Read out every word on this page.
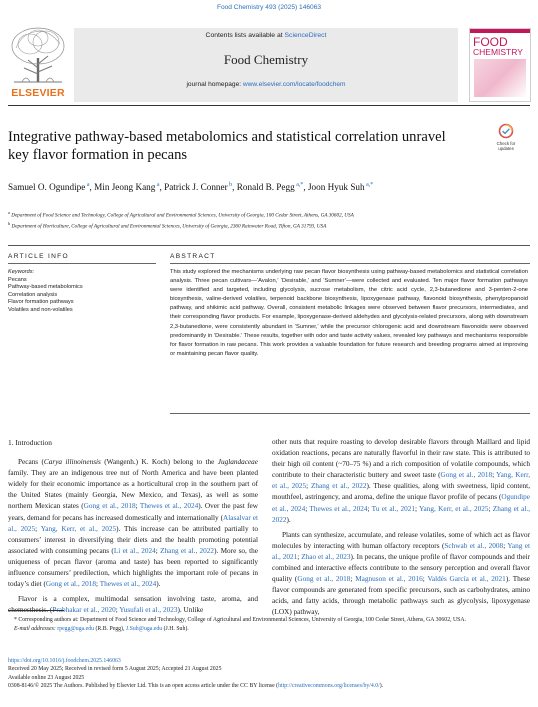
Food Chemistry 493 (2025) 146063
ELSEVIER
Contents lists available at ScienceDirect
Food Chemistry
journal homepage: www.elsevier.com/locate/foodchem
FOOD
CHEMISTRY
Integrative pathway-based metabolomics and statistical correlation unravel key flavor formation in pecans
Check for
updates
Samuel O. Ogundipe $^a$, Min Jeong Kang $^a$, Patrick J. Conner $^b$, Ronald B. Pegg $^{a,*}$, Joon Hyuk Suh $^{a,*}$
$^a$ Department of Food Science and Technology, College of Agricultural and Environmental Sciences, University of Georgia, 100 Cedar Street, Athens, GA 30602, USA
$^b$ Department of Horticulture, College of Agricultural and Environmental Sciences, University of Georgia, 2360 Rainwater Road, Tifton, GA 31793, USA
ARTICLE INFO	ABSTRACT
Keywords:
Pecans
Pathway-based metabolomics
Correlation analysis
Flavor formation pathways
Volatiles and non-volatiles
This study explored the mechanisms underlying raw pecan flavor biosynthesis using pathway-based metabolomics and statistical correlation analysis. Three pecan cultivars—‘Avalon,’ ‘Desirable,’ and ‘Sumner’—were collected and evaluated. Ten major flavor formation pathways were identified and targeted, including glycolysis, sucrose metabolism, the citric acid cycle, 2,3-butanedione and 3-penten-2-one biosynthesis, valine-derived volatiles, terpenoid backbone biosynthesis, lipoxygenase pathway, flavonoid biosynthesis, phenylpropanoid pathway, and shikimic acid pathway. Overall, consistent metabolic linkages were observed between flavor precursors, intermediates, and their corresponding flavor products. For example, lipoxygenase-derived aldehydes and glycolysis-related precursors, along with downstream 2,3-butanedione, were consistently abundant in ‘Sumner,’ while the precursor chlorogenic acid and downstream flavonoids were observed predominantly in ‘Desirable.’ These results, together with odor and taste activity values, revealed key pathways and mechanisms responsible for flavor formation in raw pecans. This work provides a valuable foundation for future research and breeding programs aimed at improving or maintaining pecan flavor quality.
1. Introduction

Pecans (Carya illinoinensis (Wangenh.) K. Koch) belong to the Juglandaceae family. They are an indigenous tree nut of North America and have been planted widely for their economic importance as a horticultural crop in the southern part of the United States (mainly Georgia, New Mexico, and Texas), as well as some northern Mexican states (Gong et al., 2018; Thewes et al., 2024). Over the past few years, demand for pecans has increased domestically and internationally (Alasalvar et al., 2025; Yang, Kerr, et al., 2025). This increase can be attributed partially to consumers’ interest in diversifying their diets and the health promoting potential associated with consuming pecans (Li et al., 2024; Zhang et al., 2022). More so, the uniqueness of pecan flavor (aroma and taste) has been reported to significantly influence consumers’ predilection, which highlights the important role of pecans in today’s diet (Gong et al., 2018; Thewes et al., 2024).

Flavor is a complex, multimodal sensation involving taste, aroma, and chemesthesis. (Prabhakar et al., 2020; Yusufali et al., 2023). Unlike

other nuts that require roasting to develop desirable flavors through Maillard and lipid oxidation reactions, pecans are naturally flavorful in their raw state. This is attributed to their high oil content (~70–75 %) and a rich composition of volatile compounds, which contribute to their characteristic buttery and sweet taste (Gong et al., 2018; Yang, Kerr, et al., 2025; Zhang et al., 2022). These qualities, along with sweetness, lipid content, mouthfeel, astringency, and aroma, define the unique flavor profile of pecans (Ogundipe et al., 2024; Thewes et al., 2024; Tu et al., 2021; Yang, Kerr, et al., 2025; Zhang et al., 2022).

Plants can synthesize, accumulate, and release volatiles, some of which act as flavor molecules by interacting with human olfactory receptors (Schwab et al., 2008; Yang et al., 2021; Zhao et al., 2023). In pecans, the unique profile of flavor compounds and their combined and interactive effects contribute to the sensory perception and overall flavor quality (Gong et al., 2018; Magnuson et al., 2016; Valdés García et al., 2021). These flavor compounds are generated from specific precursors, such as carbohydrates, amino acids, and fatty acids, through metabolic pathways such as glycolysis, lipoxygenase (LOX) pathway,

* Corresponding authors at: Department of Food Science and Technology, College of Agricultural and Environmental Sciences, University of Georgia, 100 Cedar Street, Athens, GA 30602, USA.
E-mail addresses: rpegg@uga.edu (R.B. Pegg), J.Suh@uga.edu (J.H. Suh).
https://doi.org/10.1016/j.foodchem.2025.146063
Received 20 May 2025; Received in revised form 5 August 2025; Accepted 21 August 2025
Available online 23 August 2025
0308-8146/© 2025 The Authors. Published by Elsevier Ltd. This is an open access article under the CC BY license (http://creativecommons.org/licenses/by/4.0/).
